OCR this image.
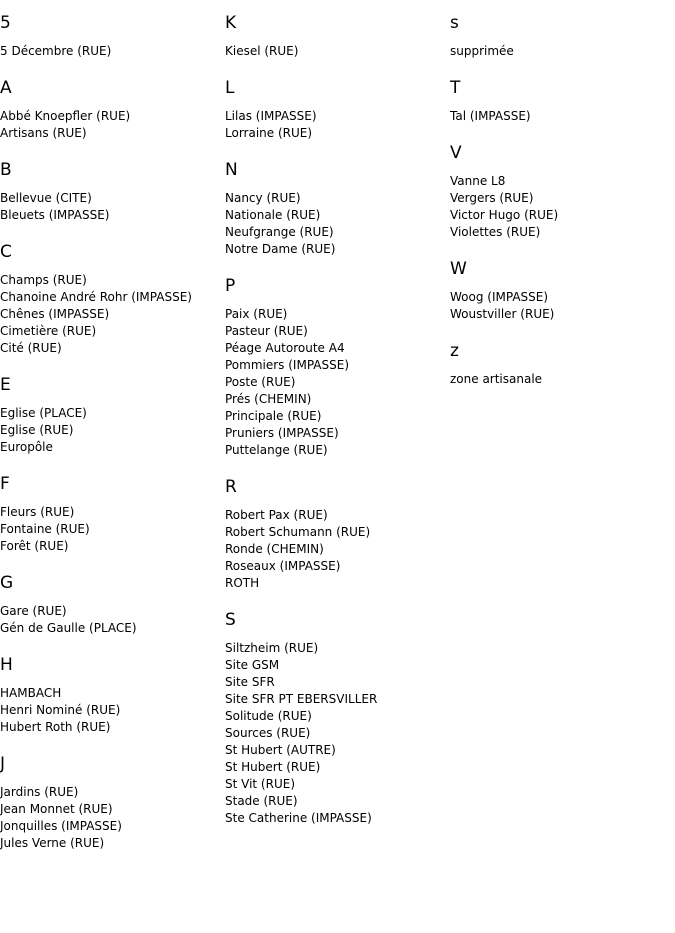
5
5 Décembre (RUE)
A
Abbé Knoepfler (RUE)
Artisans (RUE)
B
Bellevue (CITE)
Bleuets (IMPASSE)
C
Champs (RUE)
Chanoine André Rohr (IMPASSE)
Chênes (IMPASSE)
Cimetière (RUE)
Cité (RUE)
E
Eglise (PLACE)
Eglise (RUE)
Europôle
F
Fleurs (RUE)
Fontaine (RUE)
Forêt (RUE)
G
Gare (RUE)
Gén de Gaulle (PLACE)
H
HAMBACH
Henri Nominé (RUE)
Hubert Roth (RUE)
J
Jardins (RUE)
Jean Monnet (RUE)
Jonquilles (IMPASSE)
Jules Verne (RUE)
K
Kiesel (RUE)
L
Lilas (IMPASSE)
Lorraine (RUE)
N
Nancy (RUE)
Nationale (RUE)
Neufgrange (RUE)
Notre Dame (RUE)
P
Paix (RUE)
Pasteur (RUE)
Péage Autoroute A4
Pommiers (IMPASSE)
Poste (RUE)
Prés (CHEMIN)
Principale (RUE)
Pruniers (IMPASSE)
Puttelange (RUE)
R
Robert Pax (RUE)
Robert Schumann (RUE)
Ronde (CHEMIN)
Roseaux (IMPASSE)
ROTH
S
Siltzheim (RUE)
Site GSM
Site SFR
Site SFR PT EBERSVILLER
Solitude (RUE)
Sources (RUE)
St Hubert (AUTRE)
St Hubert (RUE)
St Vit (RUE)
Stade (RUE)
Ste Catherine (IMPASSE)
s
supprimée
T
Tal (IMPASSE)
V
Vanne L8
Vergers (RUE)
Victor Hugo (RUE)
Violettes (RUE)
W
Woog (IMPASSE)
Woustviller (RUE)
z
zone artisanale
